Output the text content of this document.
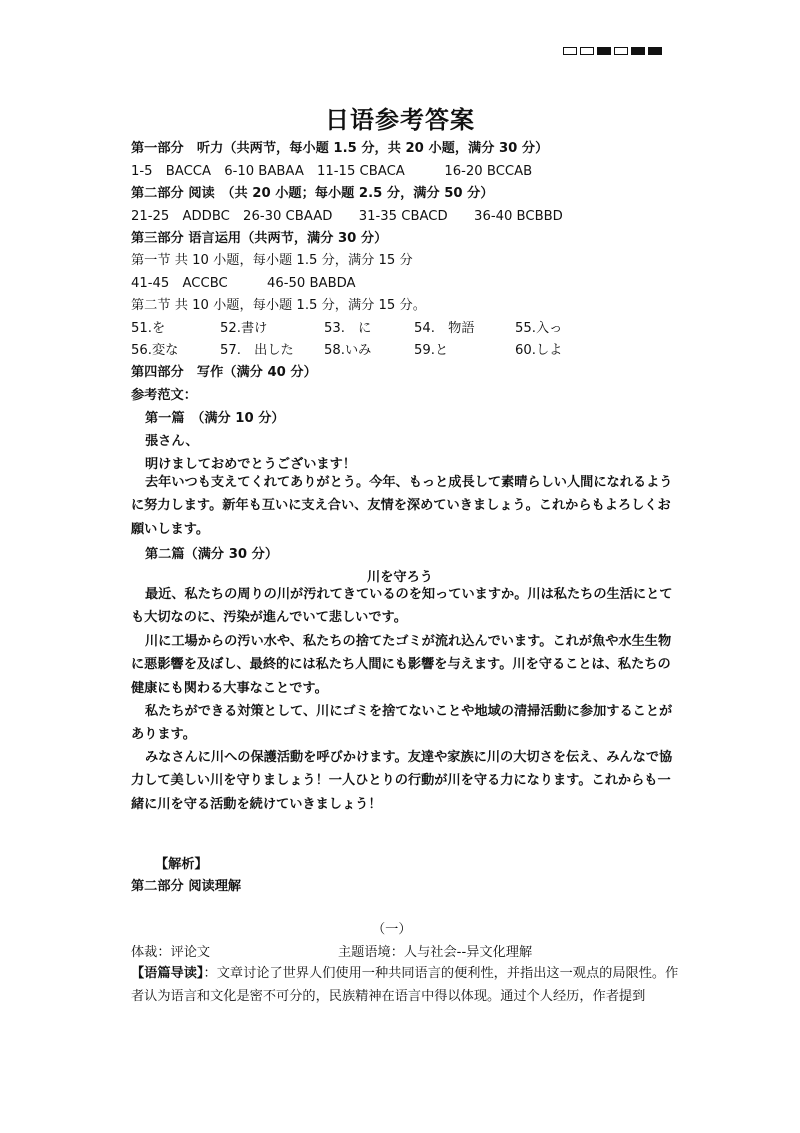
日语参考答案
第一部分　听力（共两节，每小题 1.5 分，共 20 小题，满分 30 分）
1-5　BACCA　6-10 BABAA　11-15 CBACA　　　16-20 BCCAB
第二部分 阅读　（共 20 小题；每小题 2.5 分，满分 50 分）
21-25　ADDBC　26-30 CBAAD　　31-35 CBACD　　36-40 BCBBD
第三部分 语言运用（共两节，满分 30 分）
第一节 共 10 小题，每小题 1.5 分，满分 15 分
41-45　ACCBC	46-50 BABDA
第二节 共 10 小题，每小题 1.5 分，满分 15 分。
51.を	52.書け	53.　に	54.　物語	55.入っ
56.変な	57.　出した 58.いみ	59.と	60.しよ
第四部分　写作（满分 40 分）
参考范文：
第一篇　（满分 10 分）
張さん、
明けましておめでとうございます！
去年いつも支えてくれてありがとう。今年、もっと成長して素晴らしい人間になれるように努力します。新年も互いに支え合い、友情を深めていきましょう。これからもよろしくお願いします。
第二篇（满分 30 分）
川を守ろう
最近、私たちの周りの川が汚れてきているのを知っていますか。川は私たちの生活にとても大切なのに、汚染が進んでいて悲しいです。
川に工場からの汚い水や、私たちの捨てたゴミが流れ込んでいます。これが魚や水生生物に悪影響を及ぼし、最終的には私たち人間にも影響を与えます。川を守ることは、私たちの健康にも関わる大事なことです。
私たちができる対策として、川にゴミを捨てないことや地域の清掃活動に参加することがあります。
みなさんに川への保護活動を呼びかけます。友達や家族に川の大切さを伝え、みんなで協力して美しい川を守りましょう！一人ひとりの行動が川を守る力になります。これからも一緒に川を守る活動を続けていきましょう！
【解析】
第二部分 阅读理解
（一）
体裁：评论文	主题语境：人与社会--异文化理解
【语篇导读】：文章讨论了世界人们使用一种共同语言的便利性，并指出这一观点的局限性。作者认为语言和文化是密不可分的，民族精神在语言中得以体现。通过个人经历，作者提到
